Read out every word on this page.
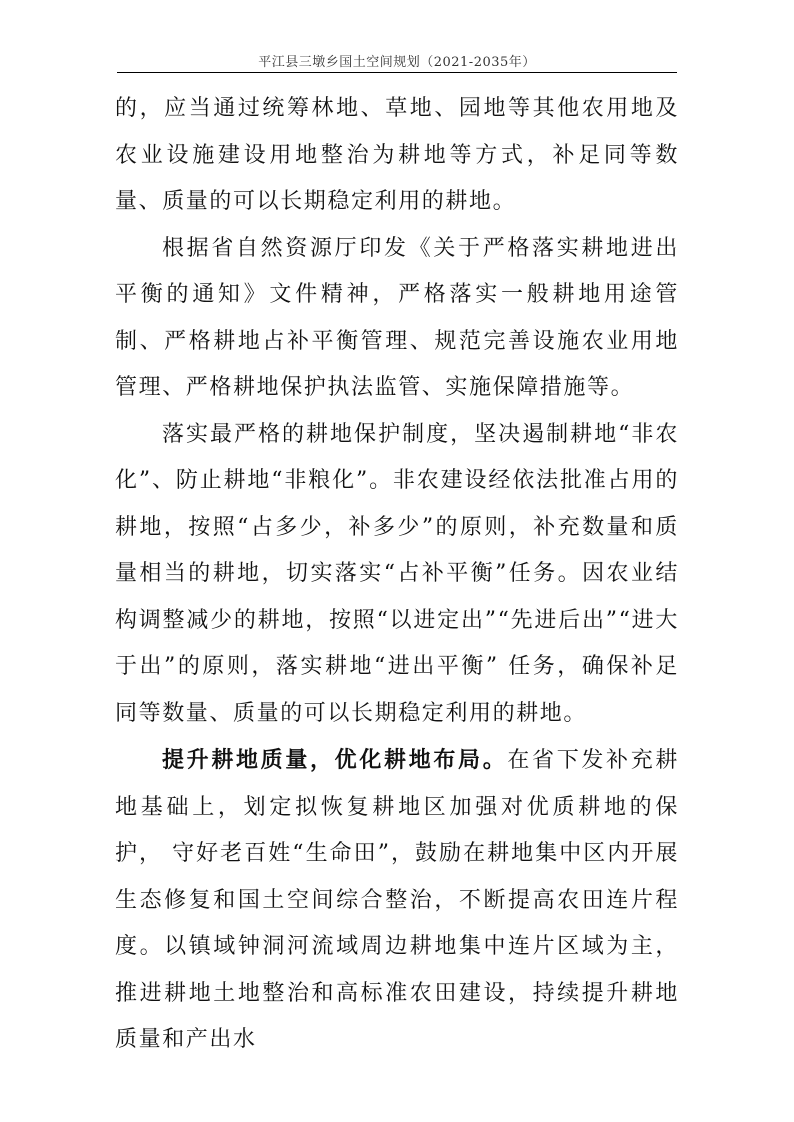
平江县三墩乡国土空间规划（2021-2035年）

的，应当通过统筹林地、草地、园地等其他农用地及农业设施建设用地整治为耕地等方式，补足同等数量、质量的可以长期稳定利用的耕地。

根据省自然资源厅印发《关于严格落实耕地进出平衡的通知》文件精神，严格落实一般耕地用途管制、严格耕地占补平衡管理、规范完善设施农业用地管理、严格耕地保护执法监管、实施保障措施等。

落实最严格的耕地保护制度，坚决遏制耕地“非农化”、防止耕地“非粮化”。非农建设经依法批准占用的耕地，按照“占多少，补多少”的原则，补充数量和质量相当的耕地，切实落实“占补平衡”任务。因农业结构调整减少的耕地，按照“以进定出”“先进后出”“进大于出”的原则，落实耕地“进出平衡” 任务，确保补足同等数量、质量的可以长期稳定利用的耕地。

提升耕地质量，优化耕地布局。在省下发补充耕地基础上，划定拟恢复耕地区加强对优质耕地的保护， 守好老百姓“生命田”，鼓励在耕地集中区内开展生态修复和国土空间综合整治，不断提高农田连片程度。以镇域钟洞河流域周边耕地集中连片区域为主，推进耕地土地整治和高标准农田建设，持续提升耕地质量和产出水
